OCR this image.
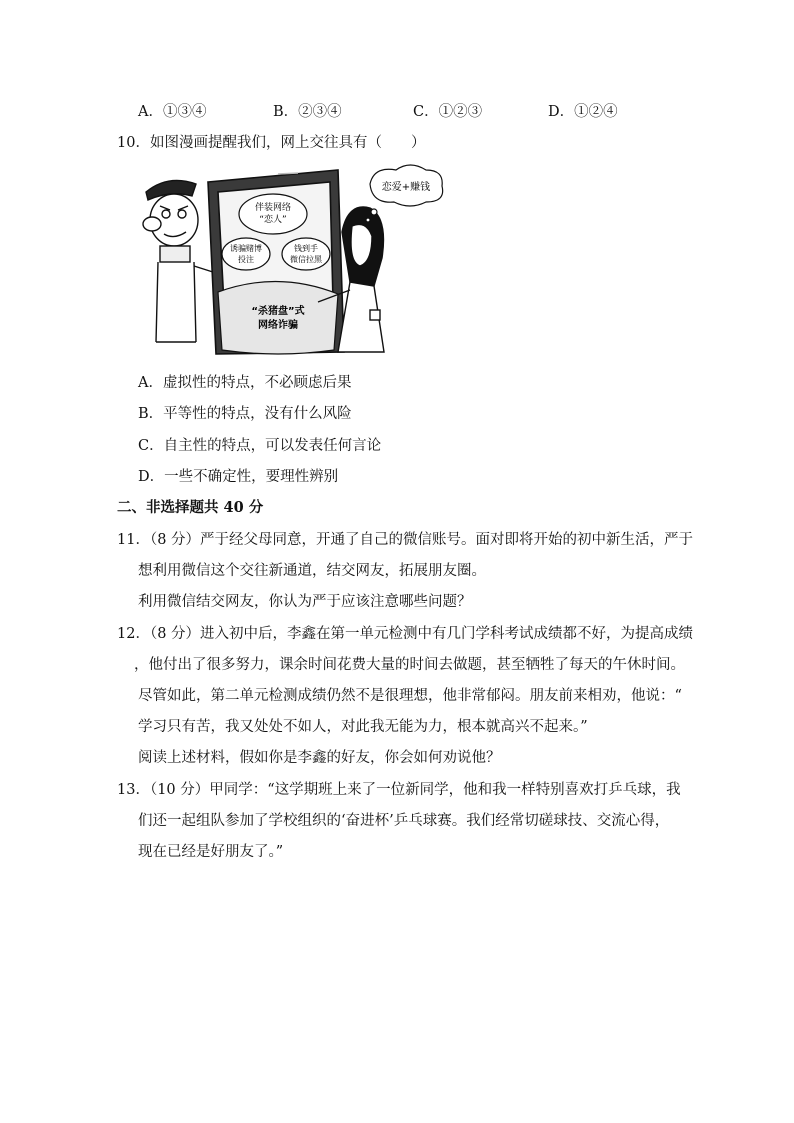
A．①③④	B．②③④	C．①②③	D．①②④
10．如图漫画提醒我们，网上交往具有（　　）
伴装网络
“恋人”
诱骗赌博
投注
钱到手
微信拉黑
“杀猪盘”式
网络诈骗
恋爱+赚钱
A．虚拟性的特点，不必顾虑后果
B．平等性的特点，没有什么风险
C．自主性的特点，可以发表任何言论
D．一些不确定性，要理性辨别
二、非选择题共 40 分
11．（8 分）严于经父母同意，开通了自己的微信账号。面对即将开始的初中新生活，严于
想利用微信这个交往新通道，结交网友，拓展朋友圈。
利用微信结交网友，你认为严于应该注意哪些问题？
12．（8 分）进入初中后，李鑫在第一单元检测中有几门学科考试成绩都不好，为提高成绩
，他付出了很多努力，课余时间花费大量的时间去做题，甚至牺牲了每天的午休时间。
尽管如此，第二单元检测成绩仍然不是很理想，他非常郁闷。朋友前来相劝，他说：“
学习只有苦，我又处处不如人，对此我无能为力，根本就高兴不起来。”
阅读上述材料，假如你是李鑫的好友，你会如何劝说他？
13．（10 分）甲同学：“这学期班上来了一位新同学，他和我一样特别喜欢打乒乓球，我
们还一起组队参加了学校组织的‘奋进杯’乒乓球赛。我们经常切磋球技、交流心得，
现在已经是好朋友了。”
